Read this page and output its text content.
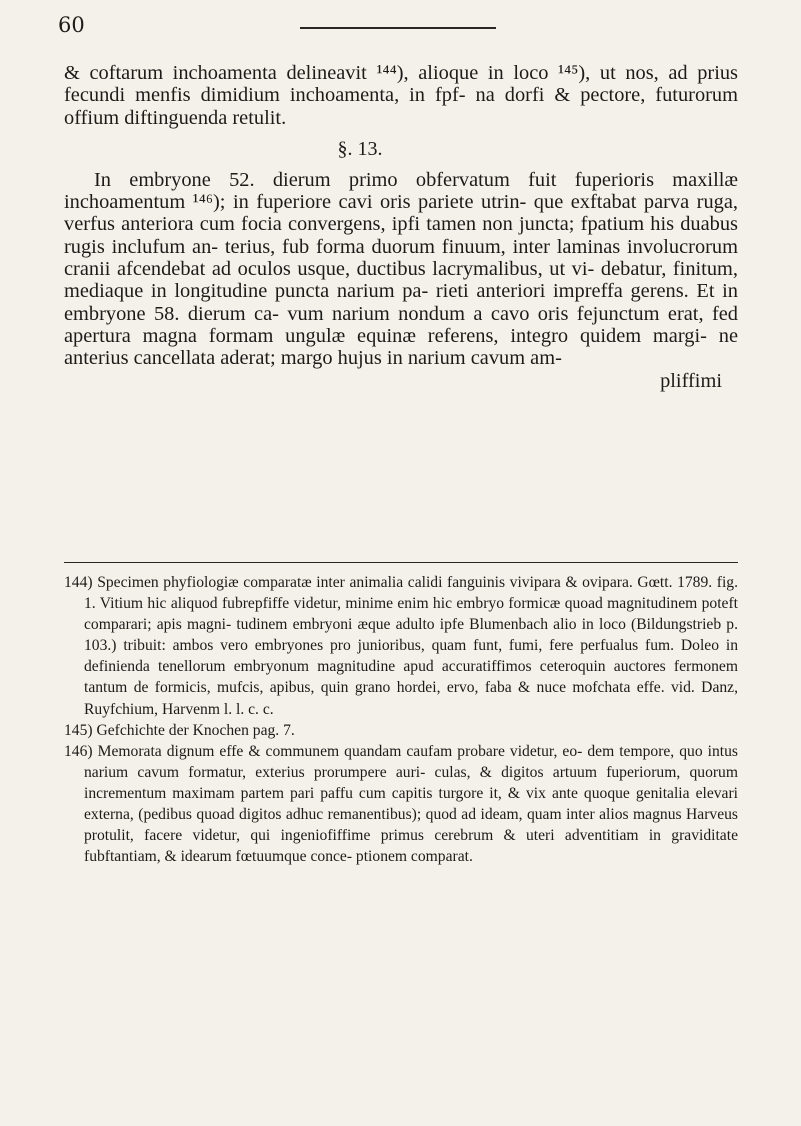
60

& coftarum inchoamenta delineavit ¹⁴⁴), alioque in loco ¹⁴⁵), ut nos, ad prius fecundi menfis dimidium inchoamenta, in fpf- na dorfi & pectore, futurorum offium diftinguenda retulit.

In embryone 52. dierum primo obfervatum fuit fuperioris maxillæ inchoamentum ¹⁴⁶); in fuperiore cavi oris pariete utrin- que exftabat parva ruga, verfus anteriora cum focia convergens, ipfi tamen non juncta; fpatium his duabus rugis inclufum an- terius, fub forma duorum finuum, inter laminas involucrorum cranii afcendebat ad oculos usque, ductibus lacrymalibus, ut vi- debatur, finitum, mediaque in longitudine puncta narium pa- rieti anteriori impreffa gerens. Et in embryone 58. dierum ca- vum narium nondum a cavo oris fejunctum erat, fed apertura magna formam ungulæ equinæ referens, integro quidem margi- ne anterius cancellata aderat; margo hujus in narium cavum am-

pliffimi

§. 13.

144) Specimen phyfiologiæ comparatæ inter animalia calidi fanguinis vivipara & ovipara. Gœtt. 1789. fig. 1. Vitium hic aliquod fubrepfiffe videtur, minime enim hic embryo formicæ quoad magnitudinem poteft comparari; apis magni- tudinem embryoni æque adulto ipfe Blumenbach alio in loco (Bildungstrieb p. 103.) tribuit: ambos vero embryones pro junioribus, quam funt, fumi, fere perfualus fum. Doleo in definienda tenellorum embryonum magnitudine apud accuratiffimos ceteroquin auctores fermonem tantum de formicis, mufcis, apibus, quin grano hordei, ervo, faba & nuce mofchata effe. vid. Danz, Ruyfchium, Harvenm l. l. c. c.

145) Gefchichte der Knochen pag. 7.

146) Memorata dignum effe & communem quandam caufam probare videtur, eo- dem tempore, quo intus narium cavum formatur, exterius prorumpere auri- culas, & digitos artuum fuperiorum, quorum incrementum maximam partem pari paffu cum capitis turgore it, & vix ante quoque genitalia elevari externa, (pedibus quoad digitos adhuc remanentibus); quod ad ideam, quam inter alios magnus Harveus protulit, facere videtur, qui ingeniofiffime primus cerebrum & uteri adventitiam in graviditate fubftantiam, & idearum fœtuumque conce- ptionem comparat.
